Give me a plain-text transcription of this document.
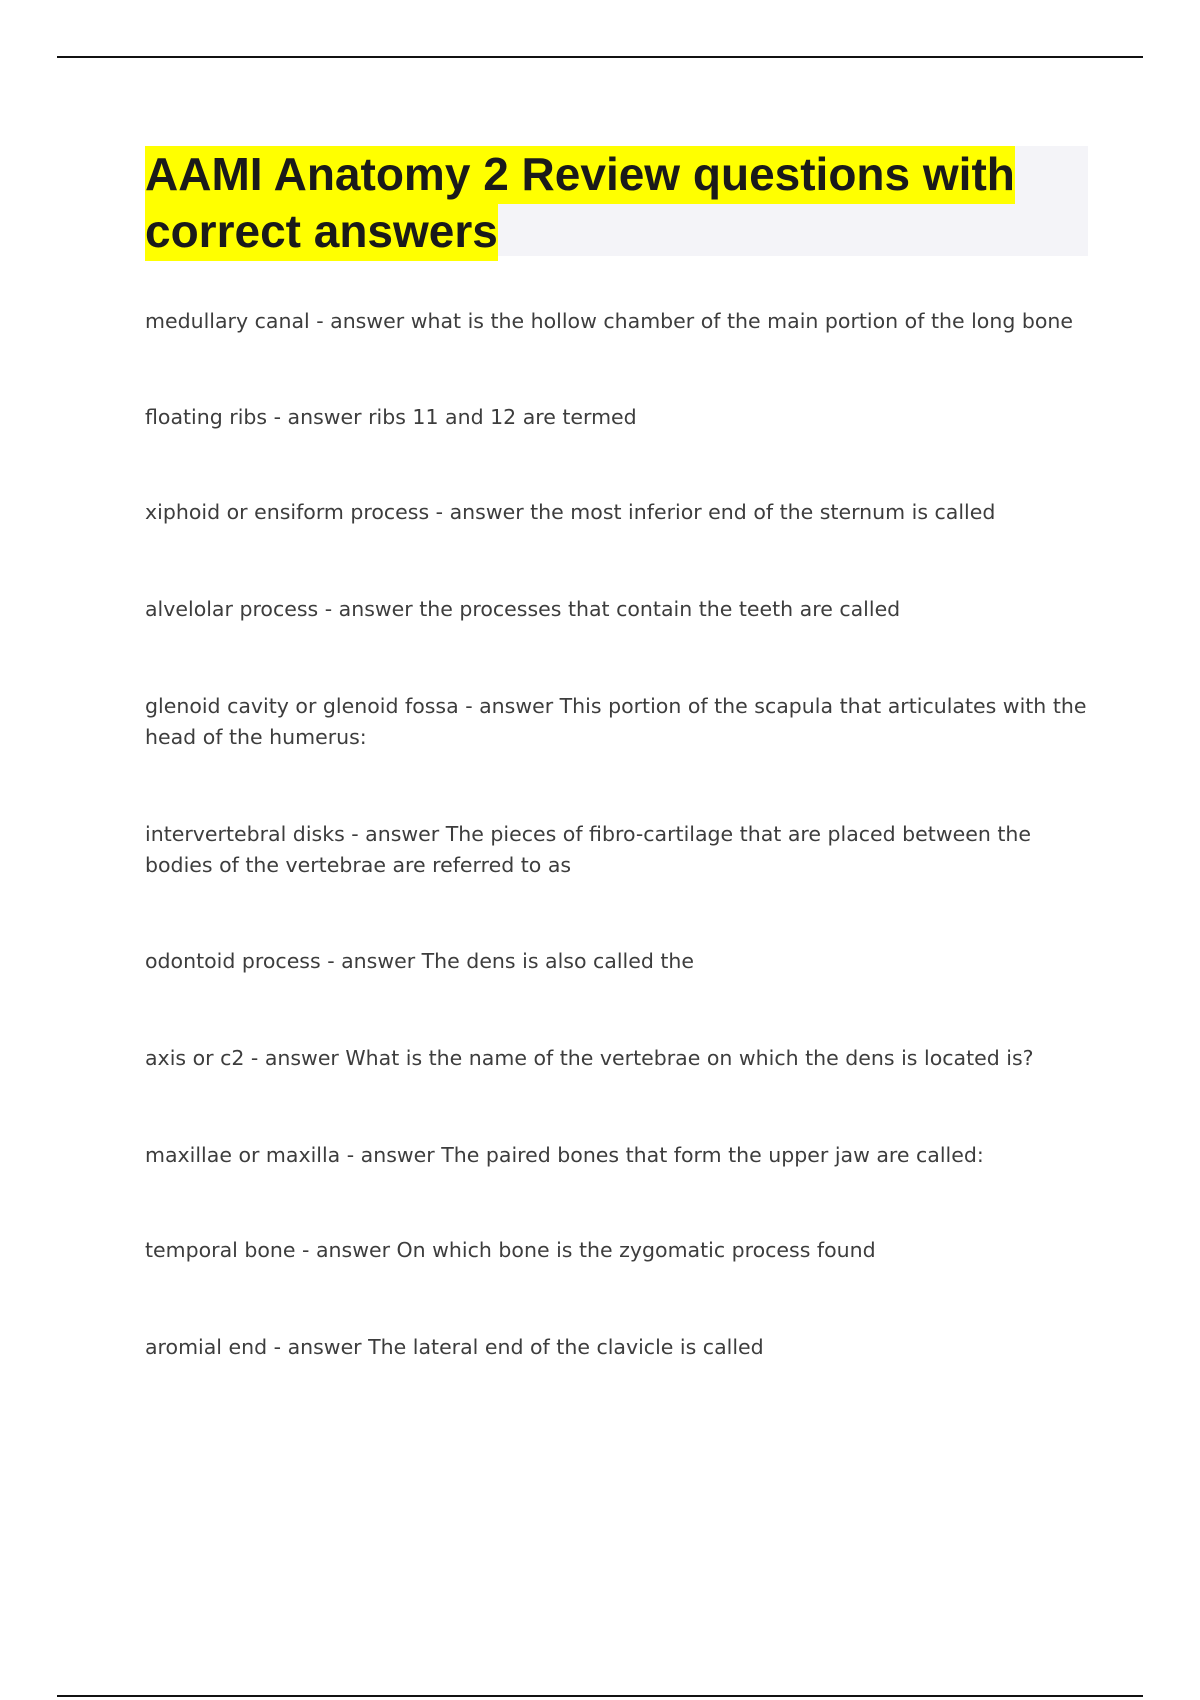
AAMI Anatomy 2 Review questions with correct answers
medullary canal - answer what is the hollow chamber of the main portion of the long bone
floating ribs - answer ribs 11 and 12 are termed
xiphoid or ensiform process - answer the most inferior end of the sternum is called
alvelolar process - answer the processes that contain the teeth are called
glenoid cavity or glenoid fossa - answer This portion of the scapula that articulates with the head of the humerus:
intervertebral disks - answer The pieces of fibro-cartilage that are placed between the bodies of the vertebrae are referred to as
odontoid process - answer The dens is also called the
axis or c2 - answer What is the name of the vertebrae on which the dens is located is?
maxillae or maxilla - answer The paired bones that form the upper jaw are called:
temporal bone - answer On which bone is the zygomatic process found
aromial end - answer The lateral end of the clavicle is called
